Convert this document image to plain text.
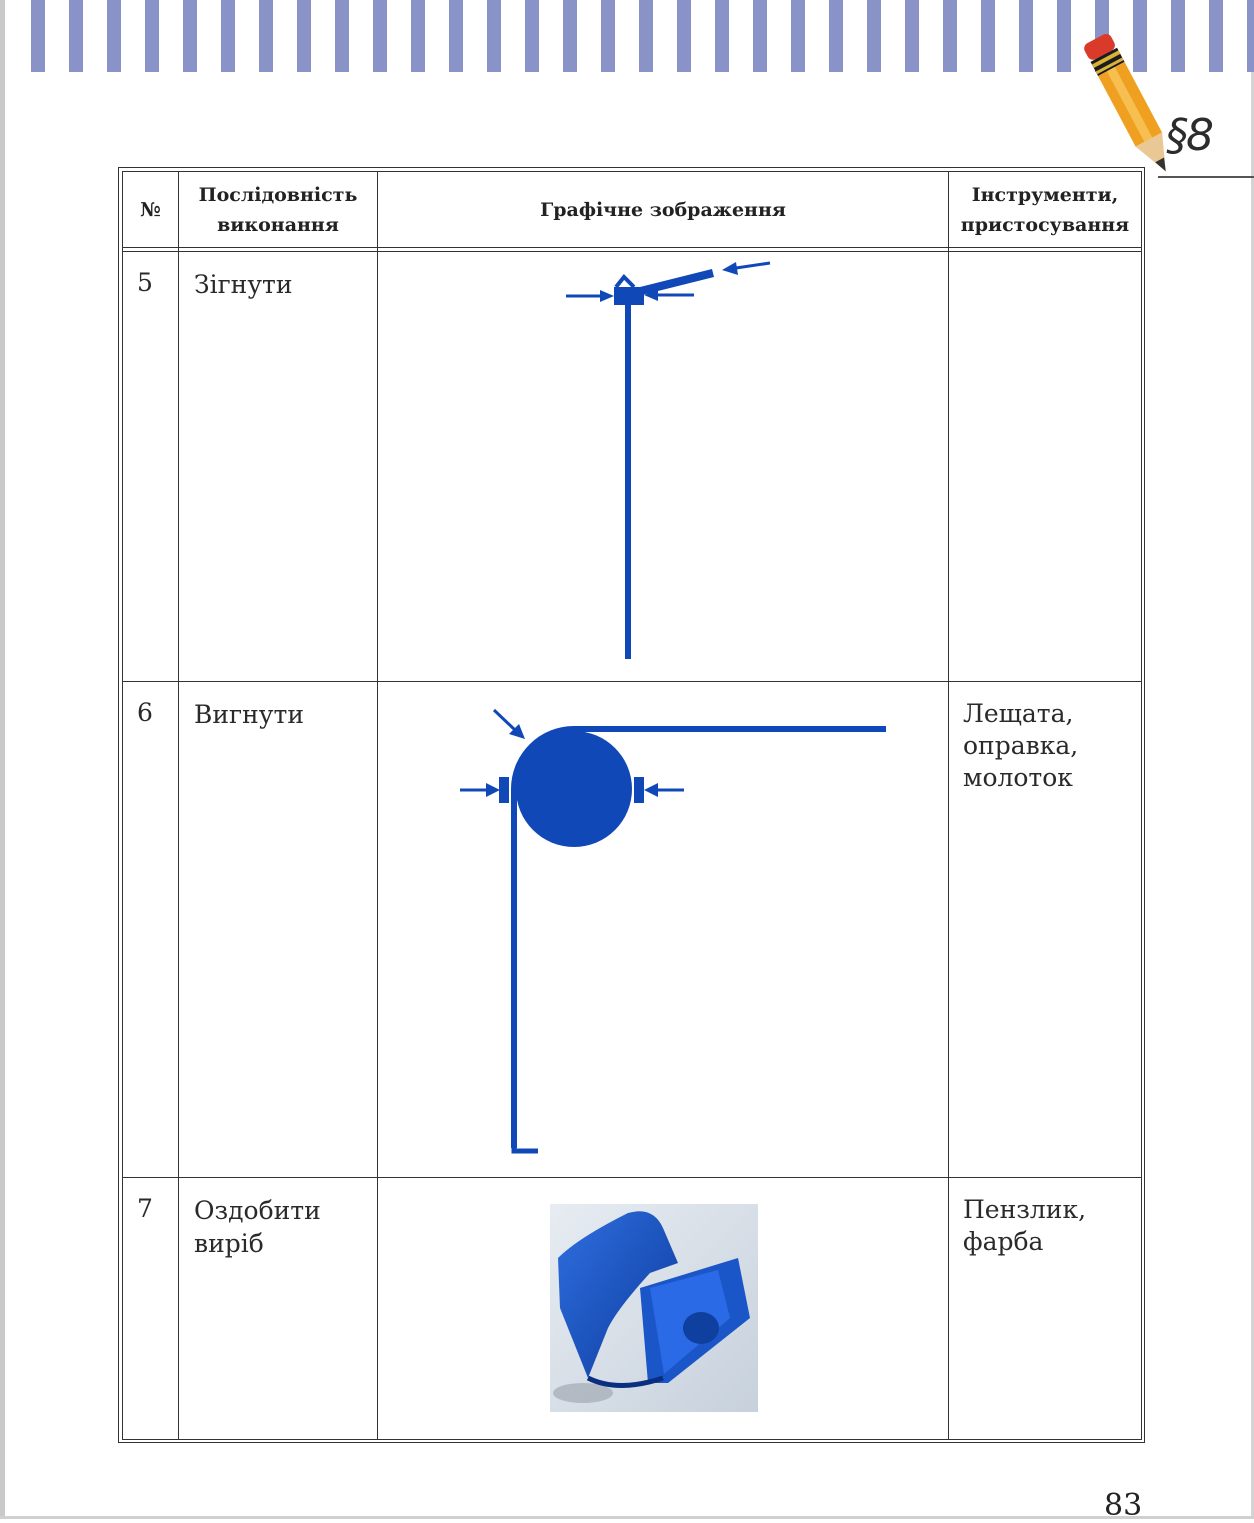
§8
№	Послідовність виконання	Графічне зображення	Інструменти, пристосування

5	Зігнути

6	Вигнути		Лещата, оправка, молоток

7	Оздобити виріб		Пензлик, фарба
83
